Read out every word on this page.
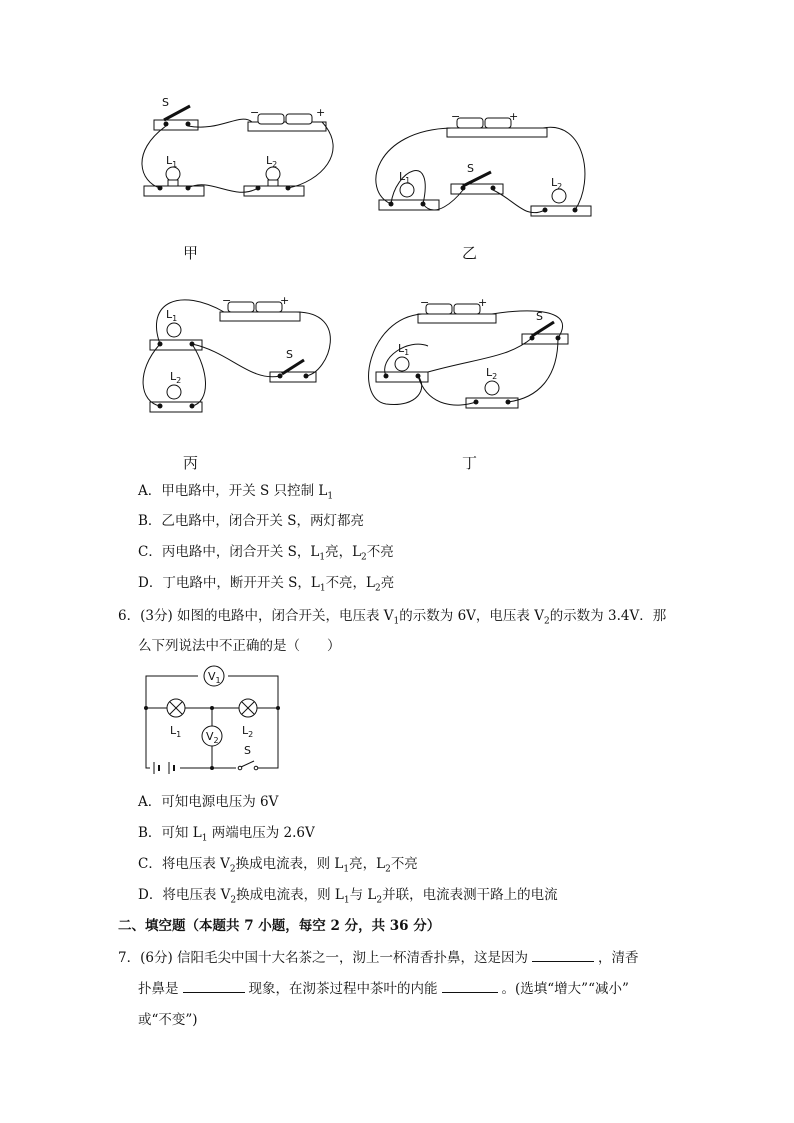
S
$L_1$	$L_2$
−	+
甲
S
$L_1$	$L_2$
−	+
乙
S
$L_1$
$L_2$
−	+
丙
S
$L_1$
$L_2$
−	+
丁
A．甲电路中，开关 S 只控制 $L_1$
B．乙电路中，闭合开关 S，两灯都亮
C．丙电路中，闭合开关 S，$L_1$亮，$L_2$不亮
D．丁电路中，断开开关 S，$L_1$不亮，$L_2$亮
6．(3分) 如图的电路中，闭合开关，电压表 $V_1$的示数为 6V，电压表 $V_2$的示数为 3.4V．那
么下列说法中不正确的是（　　）
$V_1$
$V_2$
$L_1$	$L_2$
S
A．可知电源电压为 6V
B．可知 $L_1$ 两端电压为 2.6V
C．将电压表 $V_2$换成电流表，则 $L_1$亮，$L_2$不亮
D．将电压表 $V_2$换成电流表，则 $L_1$与 $L_2$并联，电流表测干路上的电流
二、填空题（本题共 7 小题，每空 2 分，共 36 分）
7．(6分) 信阳毛尖中国十大名茶之一，沏上一杯清香扑鼻，这是因为	，清香
扑鼻是	现象，在沏茶过程中茶叶的内能	。(选填“增大”“减小”
或“不变”)
